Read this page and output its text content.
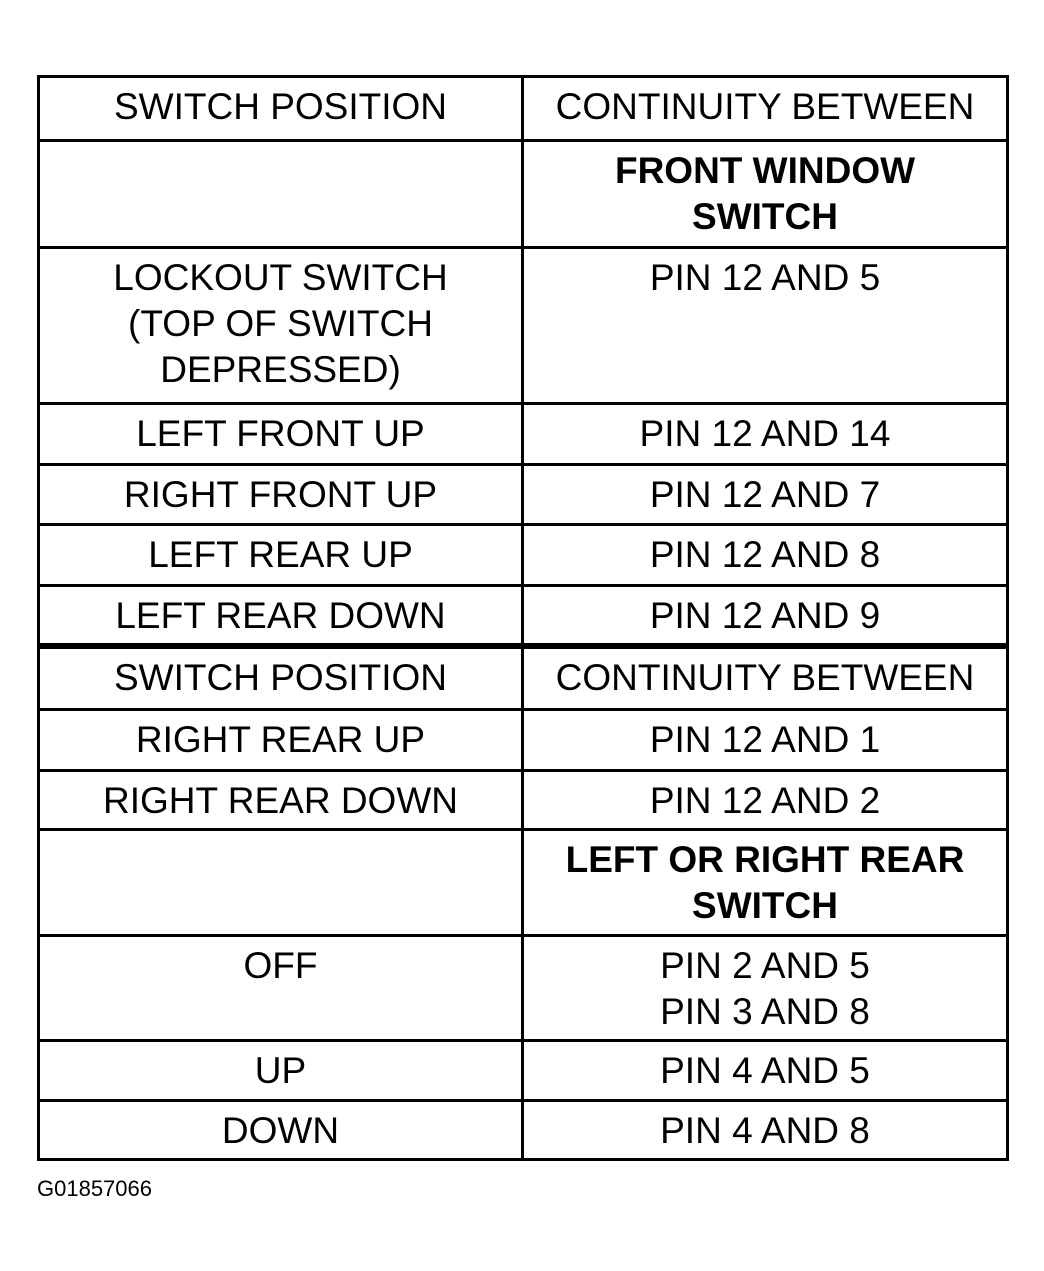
SWITCH POSITION	CONTINUITY BETWEEN

	FRONT WINDOW
SWITCH

LOCKOUT SWITCH
(TOP OF SWITCH
DEPRESSED)	PIN 12 AND 5

LEFT FRONT UP	PIN 12 AND 14
RIGHT FRONT UP	PIN 12 AND 7
LEFT REAR UP	PIN 12 AND 8
LEFT REAR DOWN	PIN 12 AND 9
SWITCH POSITION	CONTINUITY BETWEEN
RIGHT REAR UP	PIN 12 AND 1
RIGHT REAR DOWN	PIN 12 AND 2

	LEFT OR RIGHT REAR
SWITCH

OFF	PIN 2 AND 5
PIN 3 AND 8

UP	PIN 4 AND 5
DOWN	PIN 4 AND 8
G01857066
